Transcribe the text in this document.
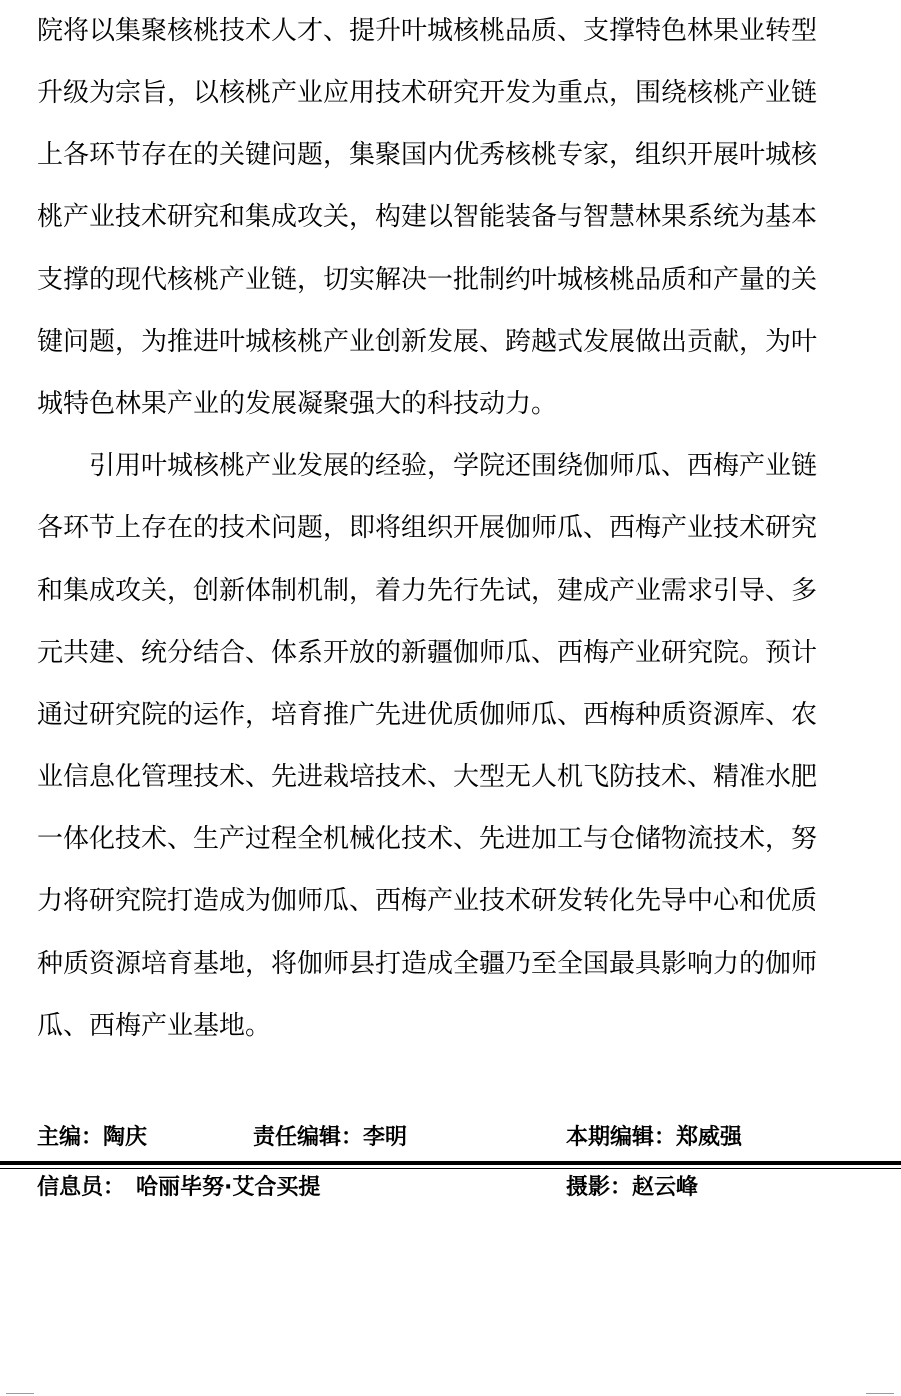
院将以集聚核桃技术人才、提升叶城核桃品质、支撑特色林果业转型
升级为宗旨，以核桃产业应用技术研究开发为重点，围绕核桃产业链
上各环节存在的关键问题，集聚国内优秀核桃专家，组织开展叶城核
桃产业技术研究和集成攻关，构建以智能装备与智慧林果系统为基本
支撑的现代核桃产业链，切实解决一批制约叶城核桃品质和产量的关
键问题，为推进叶城核桃产业创新发展、跨越式发展做出贡献，为叶
城特色林果产业的发展凝聚强大的科技动力。
　　引用叶城核桃产业发展的经验，学院还围绕伽师瓜、西梅产业链
各环节上存在的技术问题，即将组织开展伽师瓜、西梅产业技术研究
和集成攻关，创新体制机制，着力先行先试，建成产业需求引导、多
元共建、统分结合、体系开放的新疆伽师瓜、西梅产业研究院。预计
通过研究院的运作，培育推广先进优质伽师瓜、西梅种质资源库、农
业信息化管理技术、先进栽培技术、大型无人机飞防技术、精准水肥
一体化技术、生产过程全机械化技术、先进加工与仓储物流技术，努
力将研究院打造成为伽师瓜、西梅产业技术研发转化先导中心和优质
种质资源培育基地，将伽师县打造成全疆乃至全国最具影响力的伽师
瓜、西梅产业基地。
主编：陶庆	责任编辑：李明	本期编辑：郑威强
信息员：　哈丽毕努·艾合买提	摄影：赵云峰
